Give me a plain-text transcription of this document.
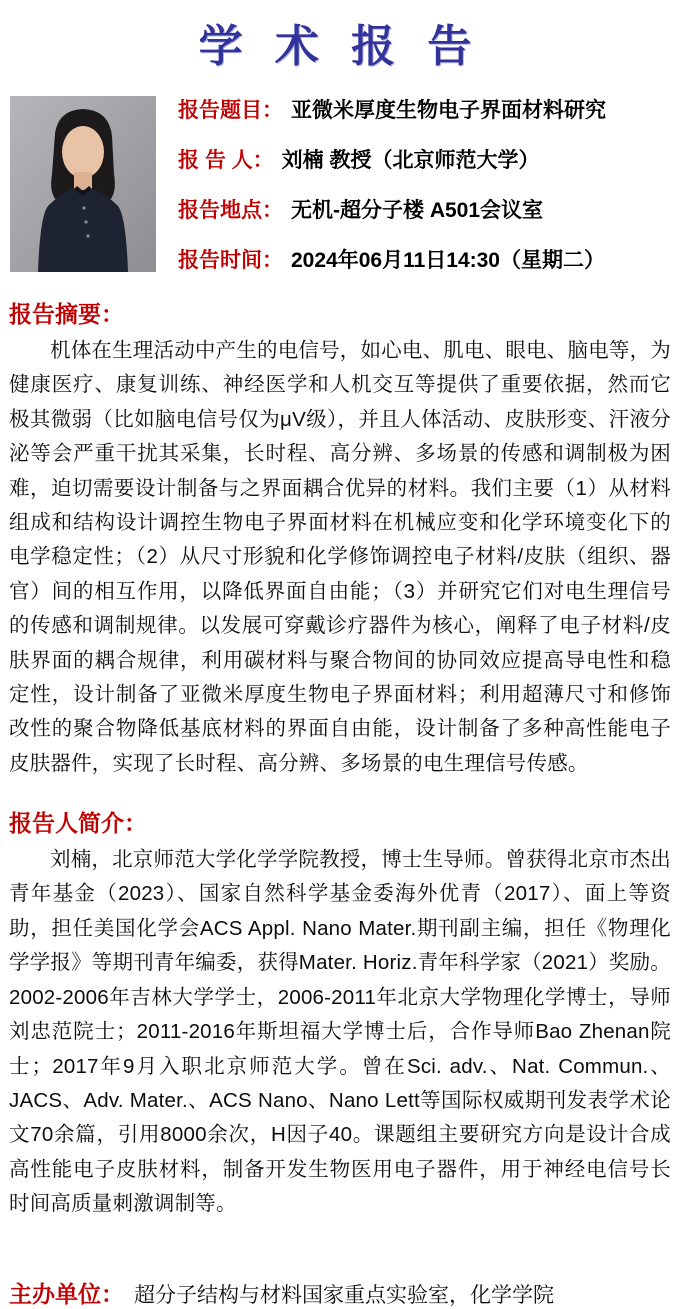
学 术 报 告
报告题目： 亚微米厚度生物电子界面材料研究
报 告 人： 刘楠 教授（北京师范大学）
报告地点： 无机-超分子楼 A501会议室
报告时间： 2024年06月11日14:30（星期二）
报告摘要：

机体在生理活动中产生的电信号，如心电、肌电、眼电、脑电等，为健康医疗、康复训练、神经医学和人机交互等提供了重要依据，然而它极其微弱（比如脑电信号仅为μV级），并且人体活动、皮肤形变、汗液分泌等会严重干扰其采集，长时程、高分辨、多场景的传感和调制极为困难，迫切需要设计制备与之界面耦合优异的材料。我们主要（1）从材料组成和结构设计调控生物电子界面材料在机械应变和化学环境变化下的电学稳定性；（2）从尺寸形貌和化学修饰调控电子材料/皮肤（组织、器官）间的相互作用，以降低界面自由能；（3）并研究它们对电生理信号的传感和调制规律。以发展可穿戴诊疗器件为核心，阐释了电子材料/皮肤界面的耦合规律，利用碳材料与聚合物间的协同效应提高导电性和稳定性，设计制备了亚微米厚度生物电子界面材料；利用超薄尺寸和修饰改性的聚合物降低基底材料的界面自由能，设计制备了多种高性能电子皮肤器件，实现了长时程、高分辨、多场景的电生理信号传感。

报告人简介：

刘楠，北京师范大学化学学院教授，博士生导师。曾获得北京市杰出青年基金（2023）、国家自然科学基金委海外优青（2017）、面上等资助，担任美国化学会ACS Appl. Nano Mater.期刊副主编，担任《物理化学学报》等期刊青年编委，获得Mater. Horiz.青年科学家（2021）奖励。2002-2006年吉林大学学士，2006-2011年北京大学物理化学博士，导师刘忠范院士；2011-2016年斯坦福大学博士后，合作导师Bao Zhenan院士；2017年9月入职北京师范大学。曾在Sci. adv.、Nat. Commun.、JACS、Adv. Mater.、ACS Nano、Nano Lett等国际权威期刊发表学术论文70余篇，引用8000余次，H因子40。课题组主要研究方向是设计合成高性能电子皮肤材料，制备开发生物医用电子器件，用于神经电信号长时间高质量刺激调制等。

主办单位： 超分子结构与材料国家重点实验室，化学学院
